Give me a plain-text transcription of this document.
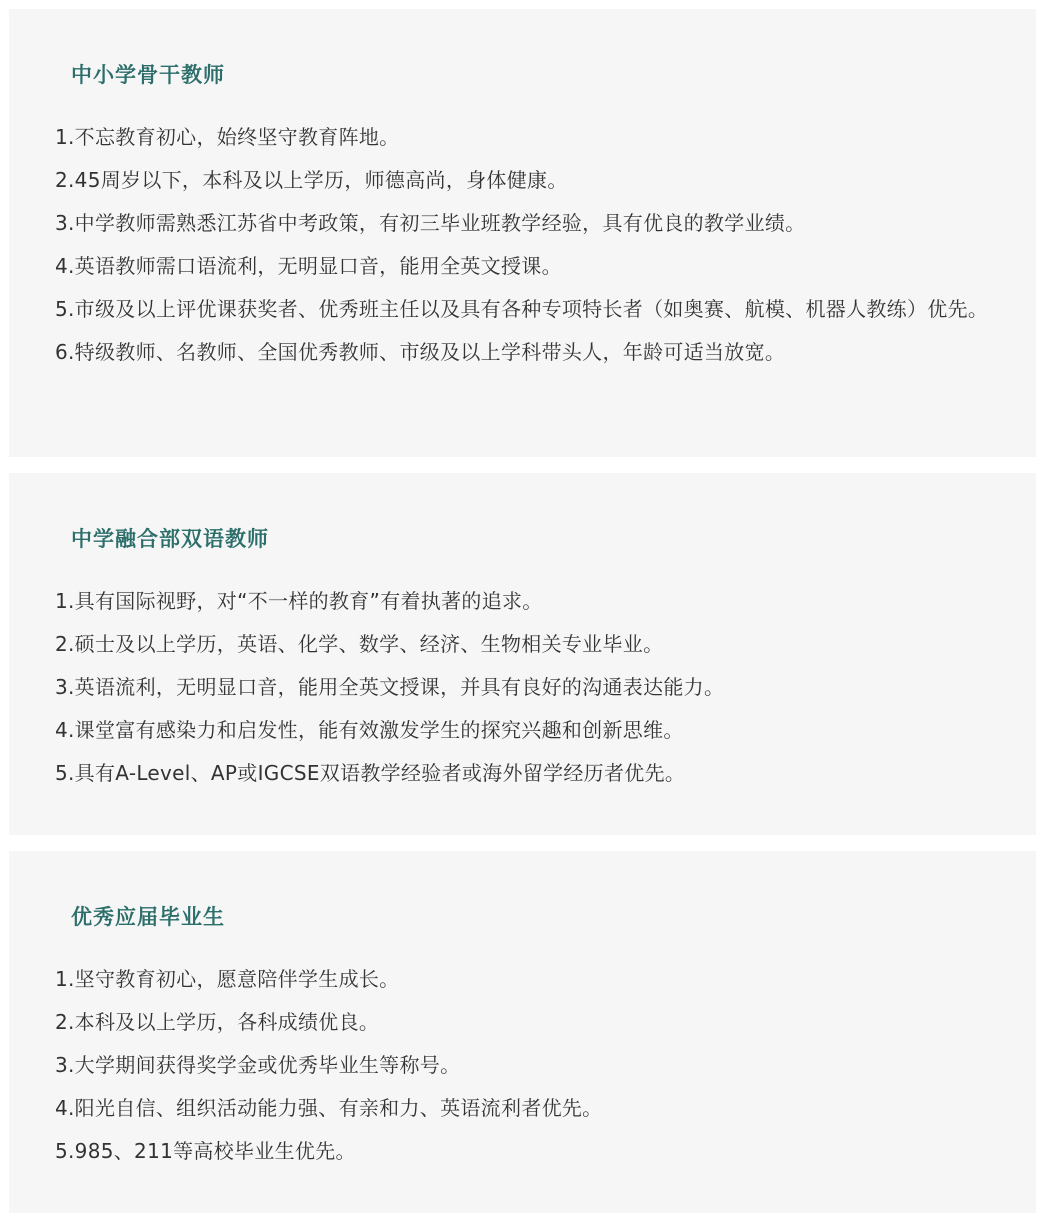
中小学骨干教师
1.不忘教育初心，始终坚守教育阵地。
2.45周岁以下，本科及以上学历，师德高尚，身体健康。
3.中学教师需熟悉江苏省中考政策，有初三毕业班教学经验，具有优良的教学业绩。
4.英语教师需口语流利，无明显口音，能用全英文授课。
5.市级及以上评优课获奖者、优秀班主任以及具有各种专项特长者（如奥赛、航模、机器人教练）优先。
6.特级教师、名教师、全国优秀教师、市级及以上学科带头人，年龄可适当放宽。
中学融合部双语教师
1.具有国际视野，对“不一样的教育”有着执著的追求。
2.硕士及以上学历，英语、化学、数学、经济、生物相关专业毕业。
3.英语流利，无明显口音，能用全英文授课，并具有良好的沟通表达能力。
4.课堂富有感染力和启发性，能有效激发学生的探究兴趣和创新思维。
5.具有A-Level、AP或IGCSE双语教学经验者或海外留学经历者优先。
优秀应届毕业生
1.坚守教育初心，愿意陪伴学生成长。
2.本科及以上学历，各科成绩优良。
3.大学期间获得奖学金或优秀毕业生等称号。
4.阳光自信、组织活动能力强、有亲和力、英语流利者优先。
5.985、211等高校毕业生优先。
